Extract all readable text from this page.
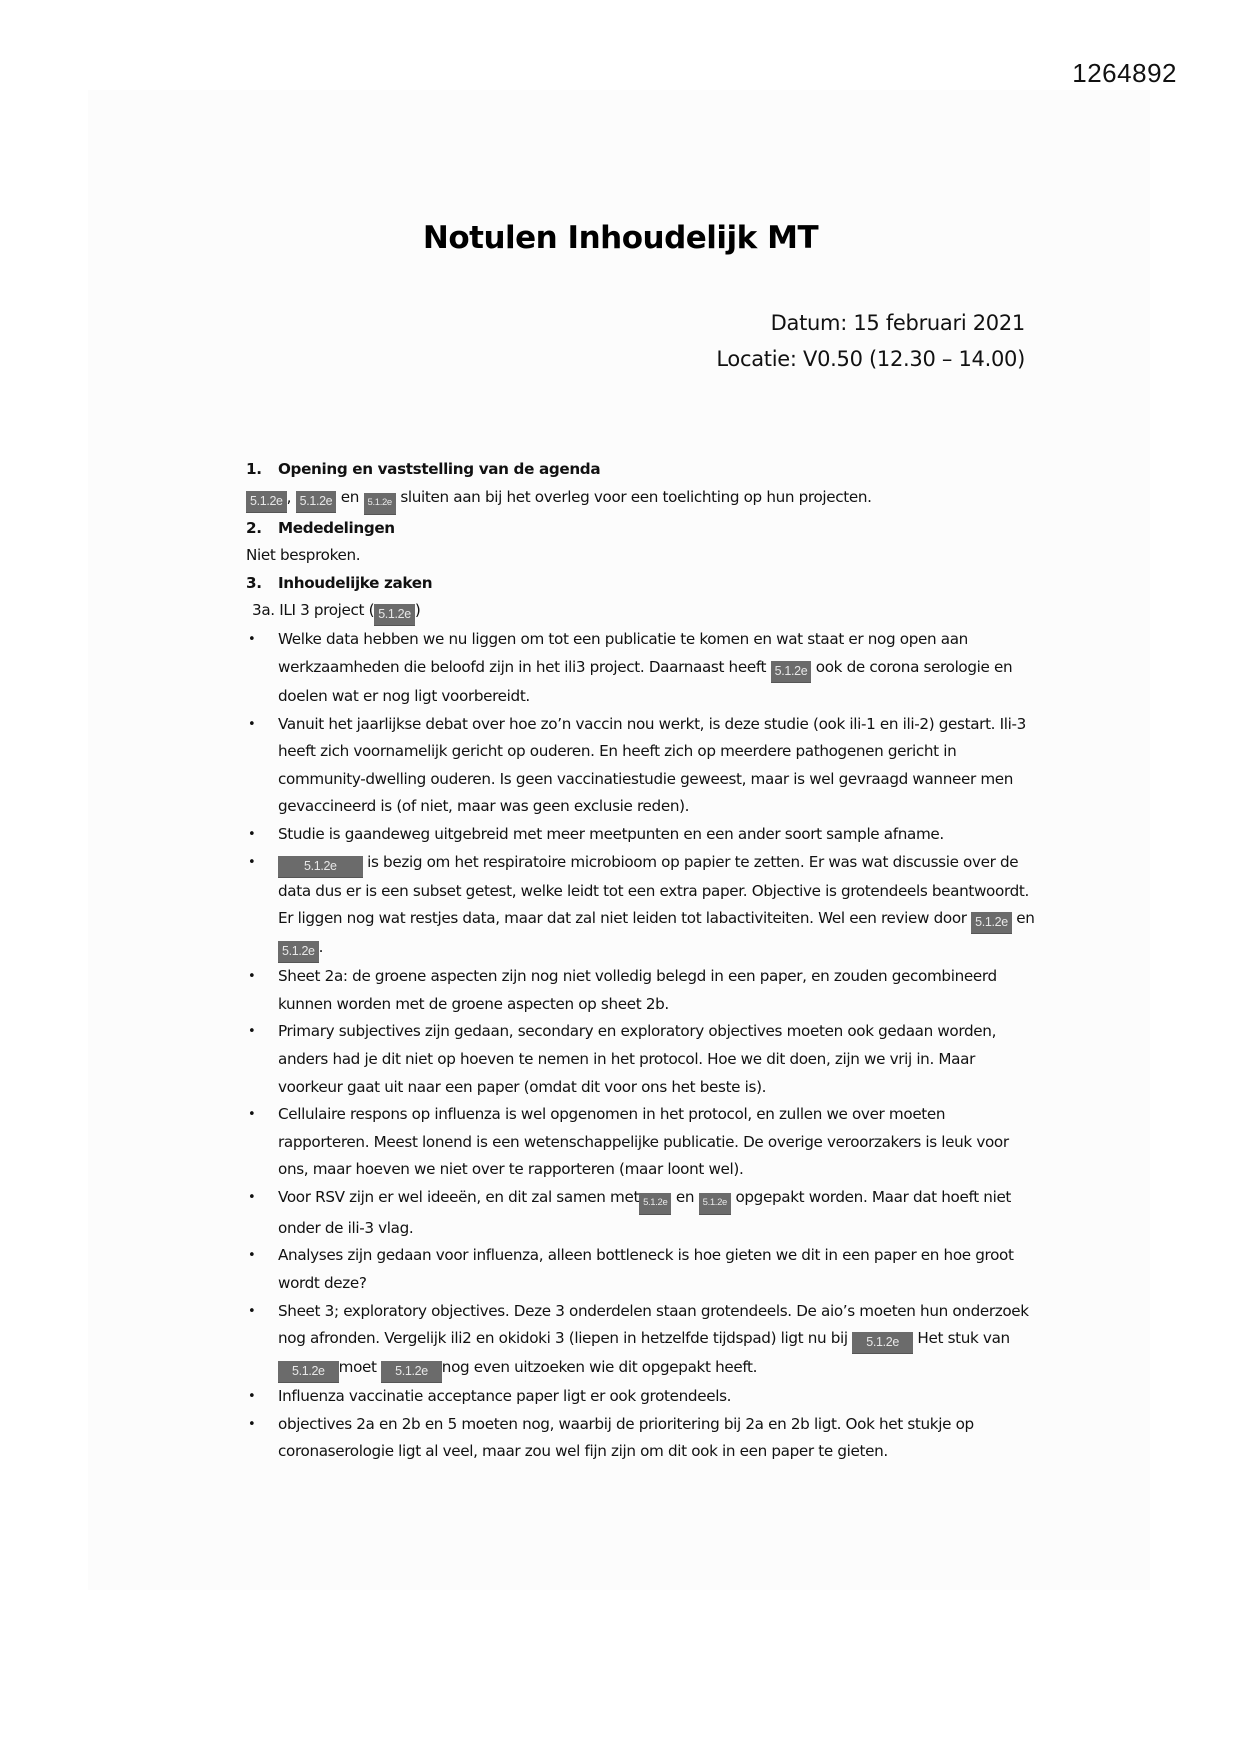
1264892
Notulen Inhoudelijk MT
Datum: 15 februari 2021
Locatie: V0.50 (12.30 – 14.00)
1.	Opening en vaststelling van de agenda
5.1.2e , 5.1.2e en 5.1.2e sluiten aan bij het overleg voor een toelichting op hun projecten.
2.	Mededelingen
Niet besproken.
3.	Inhoudelijke zaken
3a. ILI 3 project ( 5.1.2e )
• Welke data hebben we nu liggen om tot een publicatie te komen en wat staat er nog open aan werkzaamheden die beloofd zijn in het ili3 project. Daarnaast heeft 5.1.2e ook de corona serologie en doelen wat er nog ligt voorbereidt.
• Vanuit het jaarlijkse debat over hoe zo’n vaccin nou werkt, is deze studie (ook ili-1 en ili-2) gestart. Ili-3 heeft zich voornamelijk gericht op ouderen. En heeft zich op meerdere pathogenen gericht in community-dwelling ouderen. Is geen vaccinatiestudie geweest, maar is wel gevraagd wanneer men gevaccineerd is (of niet, maar was geen exclusie reden).
• Studie is gaandeweg uitgebreid met meer meetpunten en een ander soort sample afname.
•	5.1.2e is bezig om het respiratoire microbioom op papier te zetten. Er was wat discussie over de data dus er is een subset getest, welke leidt tot een extra paper. Objective is grotendeels beantwoordt. Er liggen nog wat restjes data, maar dat zal niet leiden tot labactiviteiten. Wel een review door 5.1.2e en 5.1.2e .
• Sheet 2a: de groene aspecten zijn nog niet volledig belegd in een paper, en zouden gecombineerd kunnen worden met de groene aspecten op sheet 2b.
• Primary subjectives zijn gedaan, secondary en exploratory objectives moeten ook gedaan worden, anders had je dit niet op hoeven te nemen in het protocol. Hoe we dit doen, zijn we vrij in. Maar voorkeur gaat uit naar een paper (omdat dit voor ons het beste is).
• Cellulaire respons op influenza is wel opgenomen in het protocol, en zullen we over moeten rapporteren. Meest lonend is een wetenschappelijke publicatie. De overige veroorzakers is leuk voor ons, maar hoeven we niet over te rapporteren (maar loont wel).
• Voor RSV zijn er wel ideeën, en dit zal samen met 5.1.2e en 5.1.2e opgepakt worden. Maar dat hoeft niet onder de ili-3 vlag.
• Analyses zijn gedaan voor influenza, alleen bottleneck is hoe gieten we dit in een paper en hoe groot wordt deze?
• Sheet 3; exploratory objectives. Deze 3 onderdelen staan grotendeels. De aio’s moeten hun onderzoek nog afronden. Vergelijk ili2 en okidoki 3 (liepen in hetzelfde tijdspad) ligt nu bij 5.1.2e Het stuk van5.1.2e moet 5.1.2e nog even uitzoeken wie dit opgepakt heeft.
• Influenza vaccinatie acceptance paper ligt er ook grotendeels.
• objectives 2a en 2b en 5 moeten nog, waarbij de prioritering bij 2a en 2b ligt. Ook het stukje op coronaserologie ligt al veel, maar zou wel fijn zijn om dit ook in een paper te gieten.
